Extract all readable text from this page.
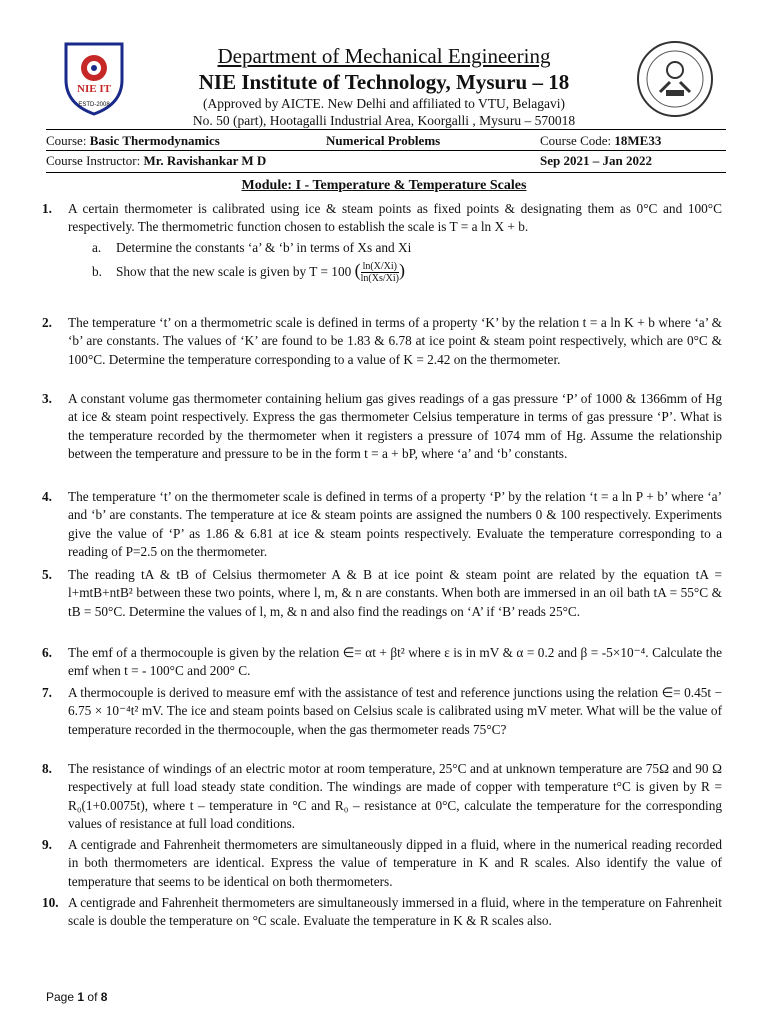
NIE IT
ESTD-2008
Department of Mechanical Engineering
NIE Institute of Technology, Mysuru – 18
(Approved by AICTE. New Delhi and affiliated to VTU, Belagavi)
No. 50 (part), Hootagalli Industrial Area, Koorgalli , Mysuru – 570018
Course: Basic Thermodynamics	Numerical Problems	Course Code: 18ME33
Course Instructor: Mr. Ravishankar M D	Sep 2021 – Jan 2022
Module: I - Temperature & Temperature Scales
1. A certain thermometer is calibrated using ice & steam points as fixed points & designating them as 0°C and 100°C respectively. The thermometric function chosen to establish the scale is T = a ln X + b.
a. Determine the constants ‘a’ & ‘b’ in terms of Xs and Xi
b. Show that the new scale is given by T = 100 ( $\frac{\ln(X/Xi)}{\ln(Xs/Xi)}$ )
2. The temperature ‘t’ on a thermometric scale is defined in terms of a property ‘K’ by the relation t = a ln K + b where ‘a’ & ‘b’ are constants. The values of ‘K’ are found to be 1.83 & 6.78 at ice point & steam point respectively, which are 0°C & 100°C. Determine the temperature corresponding to a value of K = 2.42 on the thermometer.
3. A constant volume gas thermometer containing helium gas gives readings of a gas pressure ‘P’ of 1000 & 1366mm of Hg at ice & steam point respectively. Express the gas thermometer Celsius temperature in terms of gas pressure ‘P’. What is the temperature recorded by the thermometer when it registers a pressure of 1074 mm of Hg. Assume the relationship between the temperature and pressure to be in the form t = a + bP, where ‘a’ and ‘b’ constants.
4. The temperature ‘t’ on the thermometer scale is defined in terms of a property ‘P’ by the relation ‘t = a ln P + b’ where ‘a’ and ‘b’ are constants. The temperature at ice & steam points are assigned the numbers 0 & 100 respectively. Experiments give the value of ‘P’ as 1.86 & 6.81 at ice & steam points respectively. Evaluate the temperature corresponding to a reading of P=2.5 on the thermometer.
5. The reading tA & tB of Celsius thermometer A & B at ice point & steam point are related by the equation tA = l+mtB+ntB² between these two points, where l, m, & n are constants. When both are immersed in an oil bath tA = 55°C & tB = 50°C. Determine the values of l, m, & n and also find the readings on ‘A’ if ‘B’ reads 25°C.
6. The emf of a thermocouple is given by the relation ∈= αt + βt² where ε is in mV & α = 0.2 and β = -5×10⁻⁴. Calculate the emf when t = - 100°C and 200° C.
7. A thermocouple is derived to measure emf with the assistance of test and reference junctions using the relation ∈= 0.45t − 6.75 × 10⁻⁴t² mV. The ice and steam points based on Celsius scale is calibrated using mV meter. What will be the value of temperature recorded in the thermocouple, when the gas thermometer reads 75°C?
8. The resistance of windings of an electric motor at room temperature, 25°C and at unknown temperature are 75Ω and 90 Ω respectively at full load steady state condition. The windings are made of copper with temperature t°C is given by R = R₀(1+0.0075t), where t – temperature in °C and R₀ – resistance at 0°C, calculate the temperature for the corresponding values of resistance at full load conditions.
9. A centigrade and Fahrenheit thermometers are simultaneously dipped in a fluid, where in the numerical reading recorded in both thermometers are identical. Express the value of temperature in K and R scales. Also identify the value of temperature that seems to be identical on both thermometers.
10. A centigrade and Fahrenheit thermometers are simultaneously immersed in a fluid, where in the temperature on Fahrenheit scale is double the temperature on °C scale. Evaluate the temperature in K & R scales also.
Page 1 of 8
